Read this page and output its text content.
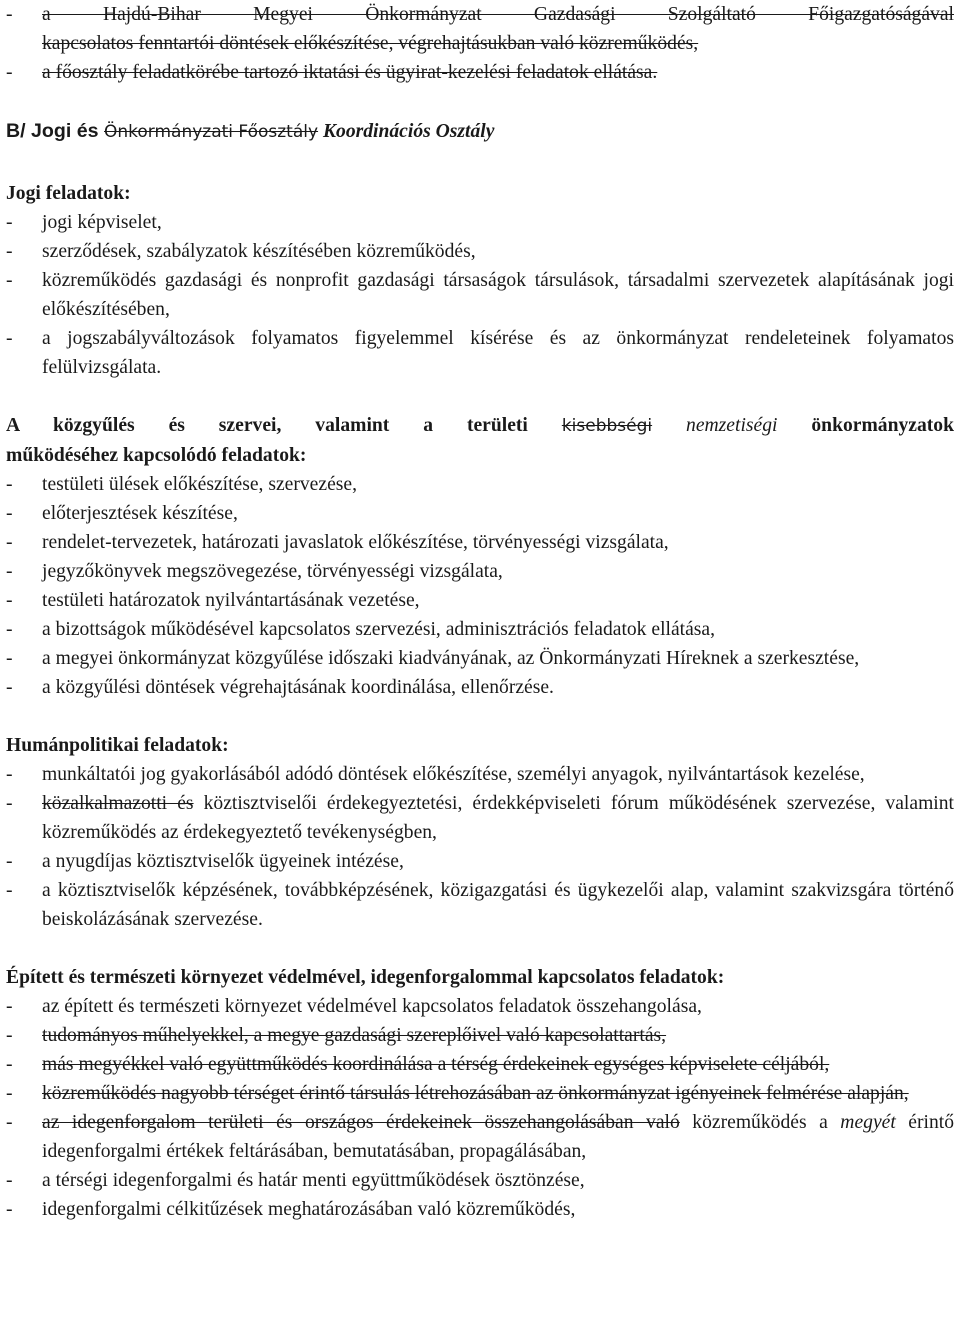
- a Hajdú-Bihar Megyei Önkormányzat Gazdasági Szolgáltató Főigazgatóságával
kapcsolatos fenntartói döntések előkészítése, végrehajtásukban való közreműködés,
- a főosztály feladatkörébe tartozó iktatási és ügyirat-kezelési feladatok ellátása.
B/ Jogi és Önkormányzati Főosztály Koordinációs Osztály
Jogi feladatok:
- jogi képviselet,
- szerződések, szabályzatok készítésében közreműködés,
- közreműködés gazdasági és nonprofit gazdasági társaságok társulások, társadalmi szervezetek alapításának jogi előkészítésében,
- a jogszabályváltozások folyamatos figyelemmel kísérése és az önkormányzat rendeleteinek folyamatos felülvizsgálata.
A közgyűlés és szervei, valamint a területi kisebbségi nemzetiségi önkormányzatok
működéséhez kapcsolódó feladatok:
- testületi ülések előkészítése, szervezése,
- előterjesztések készítése,
- rendelet-tervezetek, határozati javaslatok előkészítése, törvényességi vizsgálata,
- jegyzőkönyvek megszövegezése, törvényességi vizsgálata,
- testületi határozatok nyilvántartásának vezetése,
- a bizottságok működésével kapcsolatos szervezési, adminisztrációs feladatok ellátása,
- a megyei önkormányzat közgyűlése időszaki kiadványának, az Önkormányzati Híreknek a szerkesztése,
- a közgyűlési döntések végrehajtásának koordinálása, ellenőrzése.
Humánpolitikai feladatok:
- munkáltatói jog gyakorlásából adódó döntések előkészítése, személyi anyagok, nyilvántartások kezelése,
- közalkalmazotti és köztisztviselői érdekegyeztetési, érdekképviseleti fórum működésének szervezése, valamint közreműködés az érdekegyeztető tevékenységben,
- a nyugdíjas köztisztviselők ügyeinek intézése,
- a köztisztviselők képzésének, továbbképzésének, közigazgatási és ügykezelői alap, valamint szakvizsgára történő beiskolázásának szervezése.
Épített és természeti környezet védelmével, idegenforgalommal kapcsolatos feladatok:
- az épített és természeti környezet védelmével kapcsolatos feladatok összehangolása,
- tudományos műhelyekkel, a megye gazdasági szereplőivel való kapcsolattartás,
- más megyékkel való együttműködés koordinálása a térség érdekeinek egységes képviselete céljából,
- közreműködés nagyobb térséget érintő társulás létrehozásában az önkormányzat igényeinek felmérése alapján,
- az idegenforgalom területi és országos érdekeinek összehangolásában való közreműködés a megyét érintő idegenforgalmi értékek feltárásában, bemutatásában, propagálásában,
- a térségi idegenforgalmi és határ menti együttműködések ösztönzése,
- idegenforgalmi célkitűzések meghatározásában való közreműködés,
